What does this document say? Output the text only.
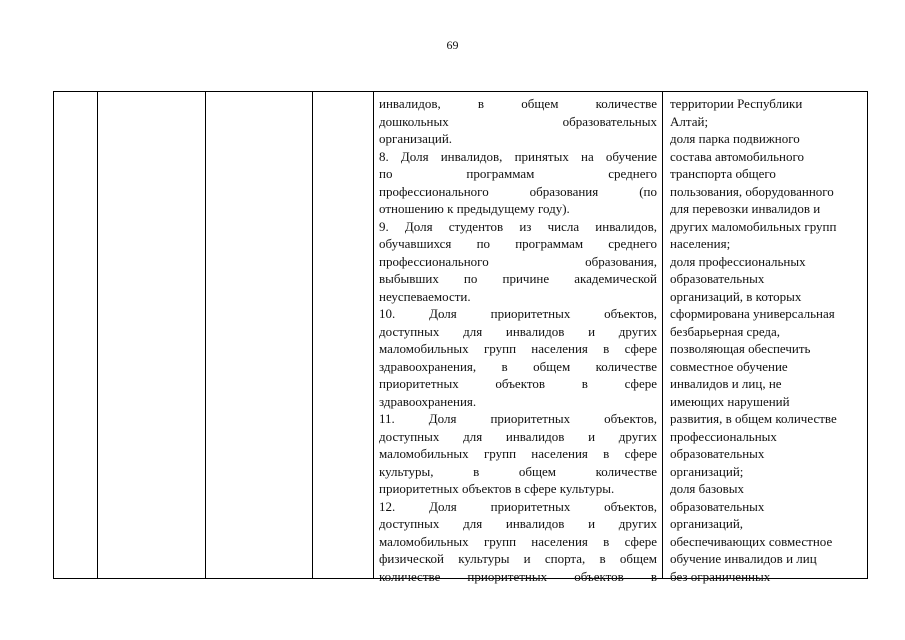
69
инвалидов, в общем количестве
дошкольных образовательных
организаций.
8. Доля инвалидов, принятых на обучение
по программам среднего
профессионального образования (по
отношению к предыдущему году).
9. Доля студентов из числа инвалидов,
обучавшихся по программам среднего
профессионального образования,
выбывших по причине академической
неуспеваемости.
10. Доля приоритетных объектов,
доступных для инвалидов и других
маломобильных групп населения в сфере
здравоохранения, в общем количестве
приоритетных объектов в сфере
здравоохранения.
11. Доля приоритетных объектов,
доступных для инвалидов и других
маломобильных групп населения в сфере
культуры, в общем количестве
приоритетных объектов в сфере культуры.
12. Доля приоритетных объектов,
доступных для инвалидов и других
маломобильных групп населения в сфере
физической культуры и спорта, в общем
количестве приоритетных объектов в
территории Республики
Алтай;
доля парка подвижного
состава автомобильного
транспорта общего
пользования, оборудованного
для перевозки инвалидов и
других маломобильных групп
населения;
доля профессиональных
образовательных
организаций, в которых
сформирована универсальная
безбарьерная среда,
позволяющая обеспечить
совместное обучение
инвалидов и лиц, не
имеющих нарушений
развития, в общем количестве
профессиональных
образовательных
организаций;
доля базовых
образовательных
организаций,
обеспечивающих совместное
обучение инвалидов и лиц
без ограниченных
